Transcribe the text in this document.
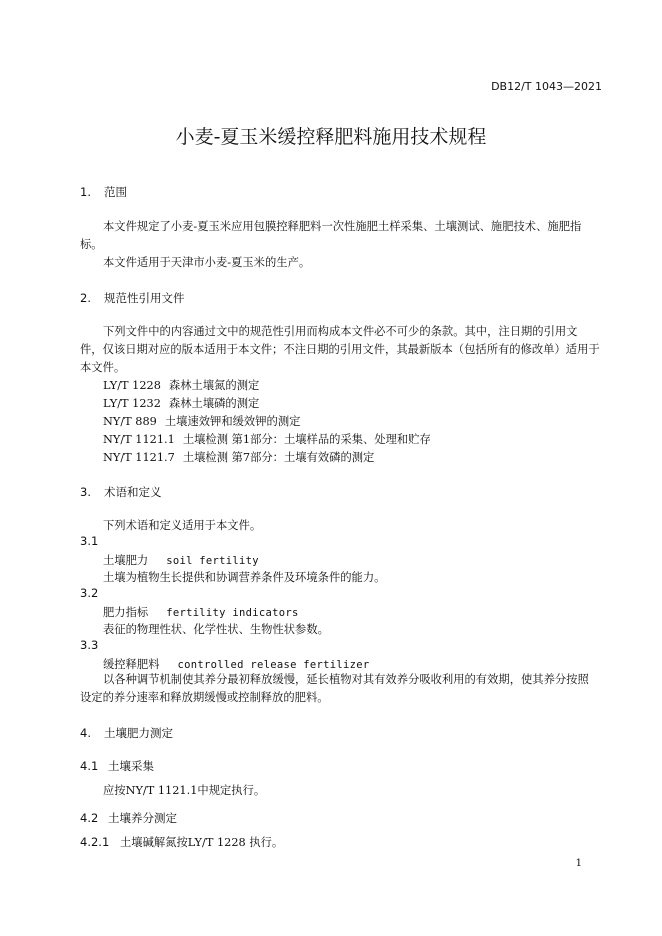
DB12/T 1043—2021
小麦-夏玉米缓控释肥料施用技术规程
1. 范围
本文件规定了小麦-夏玉米应用包膜控释肥料一次性施肥土样采集、土壤测试、施肥技术、施肥指标。
本文件适用于天津市小麦-夏玉米的生产。
2. 规范性引用文件
下列文件中的内容通过文中的规范性引用而构成本文件必不可少的条款。其中，注日期的引用文件，仅该日期对应的版本适用于本文件；不注日期的引用文件，其最新版本（包括所有的修改单）适用于本文件。
LY/T 1228 森林土壤氮的测定
LY/T 1232 森林土壤磷的测定
NY/T 889 土壤速效钾和缓效钾的测定
NY/T 1121.1 土壤检测 第1部分：土壤样品的采集、处理和贮存
NY/T 1121.7 土壤检测 第7部分：土壤有效磷的测定
3. 术语和定义
下列术语和定义适用于本文件。
3.1
土壤肥力 soil fertility
土壤为植物生长提供和协调营养条件及环境条件的能力。
3.2
肥力指标 fertility indicators
表征的物理性状、化学性状、生物性状参数。
3.3
缓控释肥料 controlled release fertilizer
以各种调节机制使其养分最初释放缓慢，延长植物对其有效养分吸收利用的有效期，使其养分按照设定的养分速率和释放期缓慢或控制释放的肥料。
4. 土壤肥力测定
4.1 土壤采集
应按NY/T 1121.1中规定执行。
4.2 土壤养分测定
4.2.1 土壤碱解氮按LY/T 1228 执行。
1
